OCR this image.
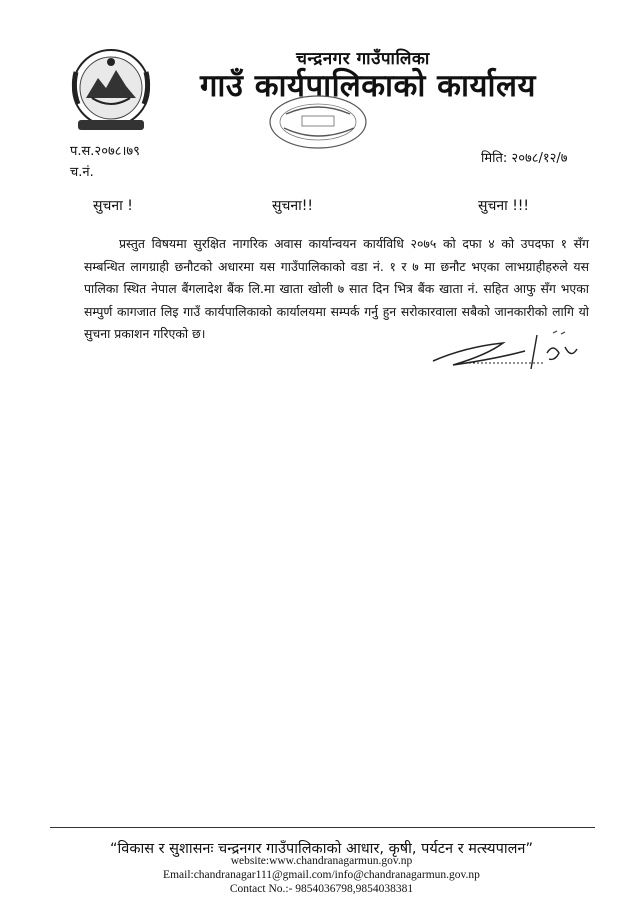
चन्द्रनगर गाउँपालिका
गाउँ कार्यपालिकाको कार्यालय
प.स.२०७८।७९
च.नं.
मिति: २०७८/१२/७
सुचना !	सुचना!!	सुचना !!!
प्रस्तुत विषयमा सुरक्षित नागरिक अवास कार्यान्वयन कार्यविधि २०७५ को दफा ४ को उपदफा १ सँग सम्बन्धित लागग्राही छनौटको अधारमा यस गाउँपालिकाको वडा नं. १ र ७ मा छनौट भएका लाभग्राहीहरुले यस पालिका स्थित नेपाल बैंगलादेश बैंक लि.मा खाता खोली ७ सात दिन भित्र बैंक खाता नं. सहित आफु सँग भएका सम्पुर्ण कागजात लिइ गाउँ कार्यपालिकाको कार्यालयमा सम्पर्क गर्नु हुन सरोकारवाला सबैको जानकारीको लागि यो सुचना प्रकाशन गरिएको छ।
“विकास र सुशासनः चन्द्रनगर गाउँपालिकाको आधार, कृषी, पर्यटन र मत्स्यपालन”
website:www.chandranagarmun.gov.np
Email:chandranagar111@gmail.com/info@chandranagarmun.gov.np
Contact No.:- 9854036798,9854038381
